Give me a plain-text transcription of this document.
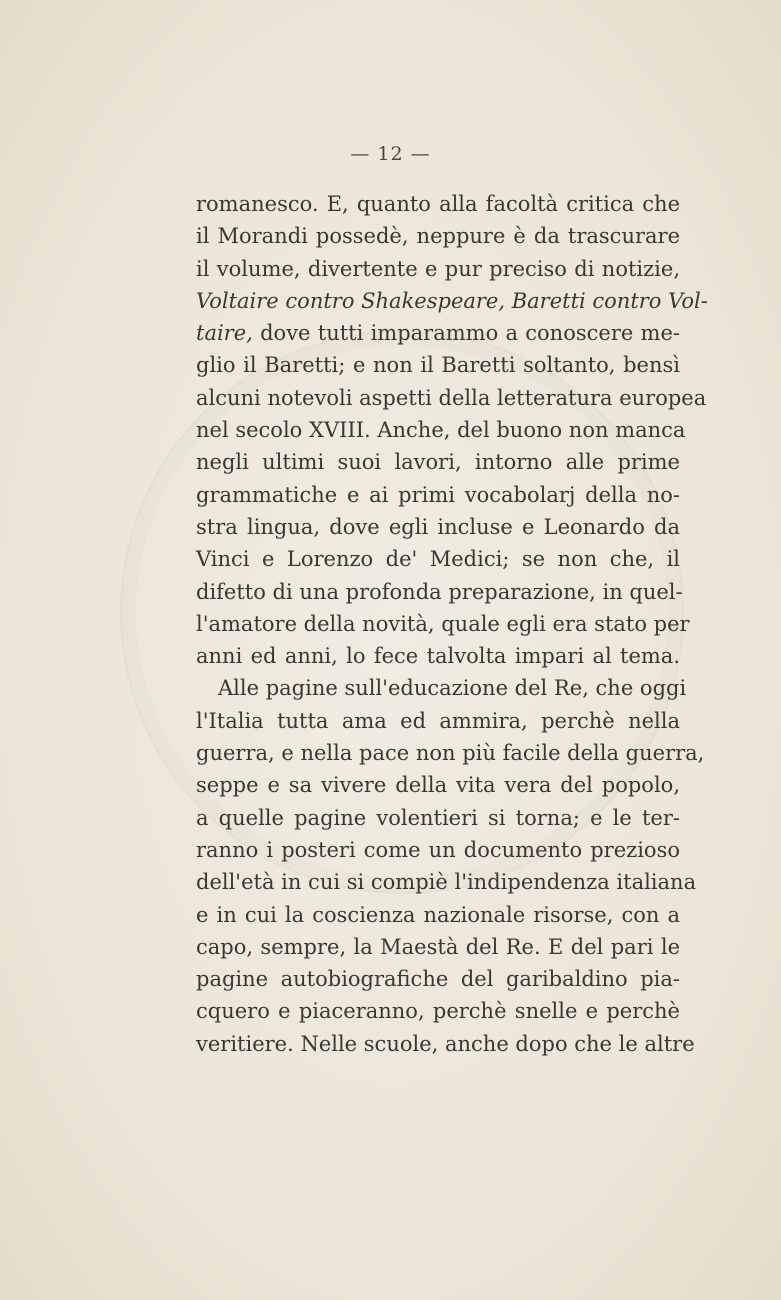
— 12 —
romanesco. E, quanto alla facoltà critica che
il Morandi possedè, neppure è da trascurare
il volume, divertente e pur preciso di notizie,
Voltaire contro Shakespeare, Baretti contro Vol-
taire, dove tutti imparammo a conoscere me-
glio il Baretti; e non il Baretti soltanto, bensì
alcuni notevoli aspetti della letteratura europea
nel secolo XVIII. Anche, del buono non manca
negli ultimi suoi lavori, intorno alle prime
grammatiche e ai primi vocabolarj della no-
stra lingua, dove egli incluse e Leonardo da
Vinci e Lorenzo de' Medici; se non che, il
difetto di una profonda preparazione, in quel-
l'amatore della novità, quale egli era stato per
anni ed anni, lo fece talvolta impari al tema.
Alle pagine sull'educazione del Re, che oggi
l'Italia tutta ama ed ammira, perchè nella
guerra, e nella pace non più facile della guerra,
seppe e sa vivere della vita vera del popolo,
a quelle pagine volentieri si torna; e le ter-
ranno i posteri come un documento prezioso
dell'età in cui si compiè l'indipendenza italiana
e in cui la coscienza nazionale risorse, con a
capo, sempre, la Maestà del Re. E del pari le
pagine autobiografiche del garibaldino pia-
cquero e piaceranno, perchè snelle e perchè
veritiere. Nelle scuole, anche dopo che le altre
